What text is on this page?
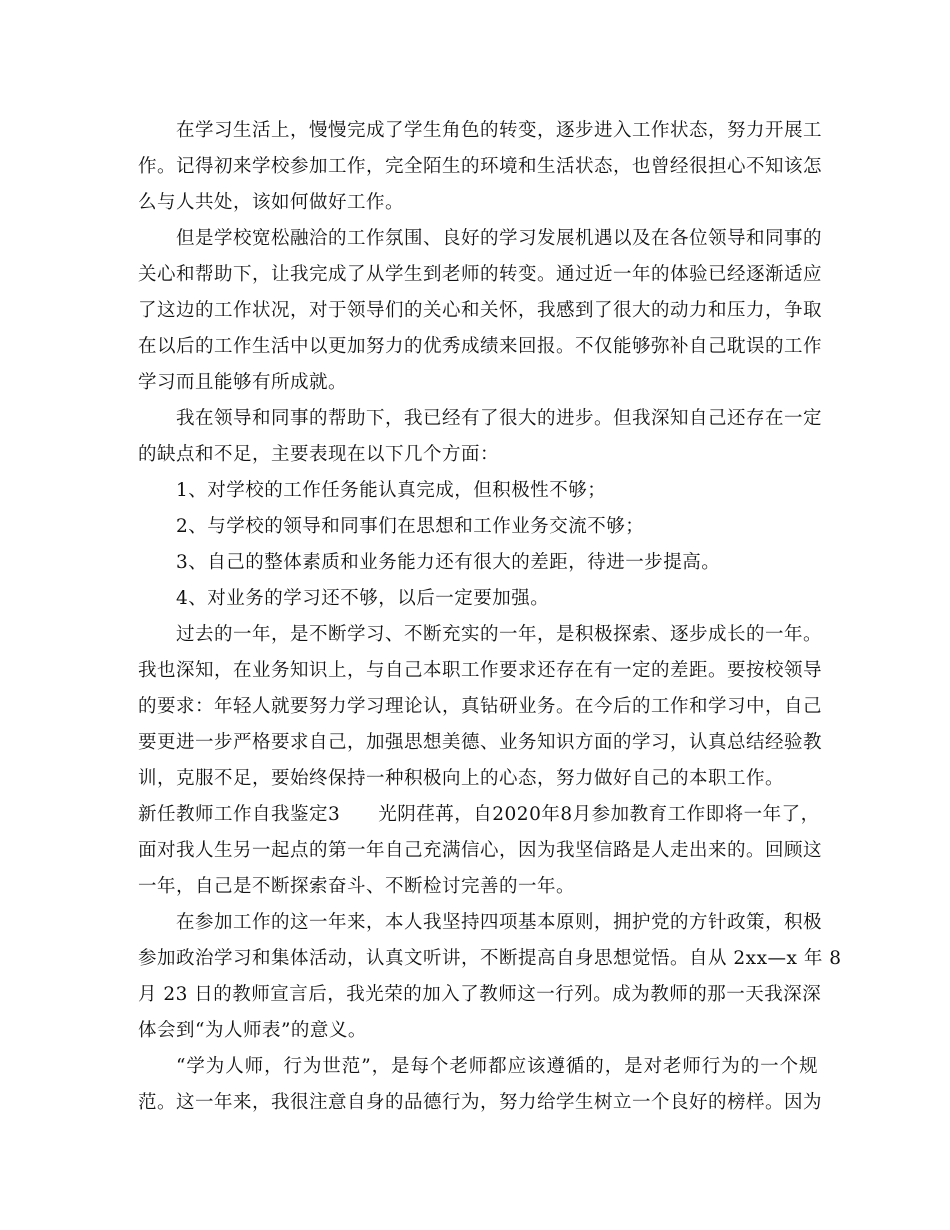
在学习生活上，慢慢完成了学生角色的转变，逐步进入工作状态，努力开展工
作。记得初来学校参加工作，完全陌生的环境和生活状态，也曾经很担心不知该怎
么与人共处，该如何做好工作。
但是学校宽松融洽的工作氛围、良好的学习发展机遇以及在各位领导和同事的
关心和帮助下，让我完成了从学生到老师的转变。通过近一年的体验已经逐渐适应
了这边的工作状况，对于领导们的关心和关怀，我感到了很大的动力和压力，争取
在以后的工作生活中以更加努力的优秀成绩来回报。不仅能够弥补自己耽误的工作
学习而且能够有所成就。
我在领导和同事的帮助下，我已经有了很大的进步。但我深知自己还存在一定
的缺点和不足，主要表现在以下几个方面：
1、对学校的工作任务能认真完成，但积极性不够；
2、与学校的领导和同事们在思想和工作业务交流不够；
3、自己的整体素质和业务能力还有很大的差距，待进一步提高。
4、对业务的学习还不够，以后一定要加强。
过去的一年，是不断学习、不断充实的一年，是积极探索、逐步成长的一年。
我也深知，在业务知识上，与自己本职工作要求还存在有一定的差距。要按校领导
的要求：年轻人就要努力学习理论认，真钻研业务。在今后的工作和学习中，自己
要更进一步严格要求自己，加强思想美德、业务知识方面的学习，认真总结经验教
训，克服不足，要始终保持一种积极向上的心态，努力做好自己的本职工作。
新任教师工作自我鉴定3　　光阴荏苒，自2020年8月参加教育工作即将一年了，
面对我人生另一起点的第一年自己充满信心，因为我坚信路是人走出来的。回顾这
一年，自己是不断探索奋斗、不断检讨完善的一年。
在参加工作的这一年来，本人我坚持四项基本原则，拥护党的方针政策，积极
参加政治学习和集体活动，认真文听讲，不断提高自身思想觉悟。自从 2xx—x 年 8
月 23 日的教师宣言后，我光荣的加入了教师这一行列。成为教师的那一天我深深
体会到“为人师表”的意义。
“学为人师，行为世范”，是每个老师都应该遵循的，是对老师行为的一个规
范。这一年来，我很注意自身的品德行为，努力给学生树立一个良好的榜样。因为
